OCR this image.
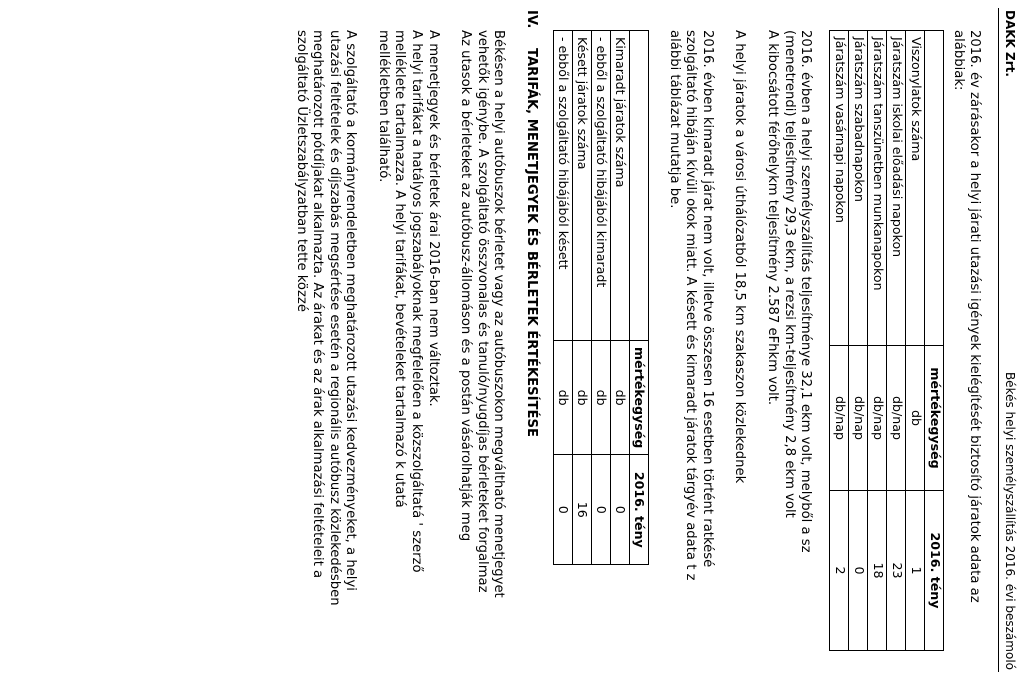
DAKK Zrt.
Békés helyi személyszállítás 2016. évi beszámoló

2016. év zárásakor a helyi járati utazási igények kielégítését biztosító járatok adata az

alábbiak:

	mértékegység	2016. tény
Viszonylatok száma	db	1
Járatszám iskolai előadási napokon	db/nap	23
Járatszám tanszünetben munkanapokon	db/nap	18
Járatszám szabadnapokon	db/nap	0
Járatszám vasárnapi napokon	db/nap	2

2016. évben a helyi személyszállítás teljesítménye 32,1 ekm volt, melyből a sz

(menetrendi) teljesítmény 29,3 ekm, a rezsi km-teljesítmény 2,8 ekm volt

A kibocsátott férőhelykm teljesítmény 2.587 eFhkm volt.

A helyi járatok a városi úthálózatból 18,5 km szakaszon közlekednek

2016. évben kimaradt járat nem volt, illetve összesen 16 esetben történt ratkésé

szolgáltató hibáján kívüli okok miatt. A késett és kimaradt járatok tárgyév adata t z

alábbi táblázat mutatja be.

	mértékegység	2016. tény
Kimaradt járatok száma	db	0
- ebből a szolgáltató hibájából kimaradt	db	0
Késett járatok száma	db	16
- ebből a szolgáltató hibájából késett	db	0
IV.
TARIFÁK, MENETJEGYEK ÉS BÉRLETEK ÉRTÉKESÍTÉSE

Békésen a helyi autóbuszok bérletet vagy az autóbuszokon megváltható menetjegyet

vehetők igénybe. A szolgáltató összvonalas és tanuló/nyugdíjas bérleteket forgalmaz

Az utasok a bérleteket az autóbusz-állomáson és a postán vásárolhatják meg

A menetjegyek és bérletek árai 2016-ban nem változtak.

A helyi tarifákat a hatályos jogszabályoknak megfelelően a közszolgáltatá ' szerző

melléklete tartalmazza. A helyi tarifákat, bevételeket tartalmazó k utatá

mellékletben található.

A szolgáltató a kormányrendeletben meghatározott utazási kedvezményeket, a helyi

utazási feltételek és díjszabás megsértése esetén a regionális autóbusz közlekedésben

meghatározott pótdíjakat alkalmazta. Az árakat és az árak alkalmazási feltételeit a

szolgáltató Üzletszabályzatban tette közzé
